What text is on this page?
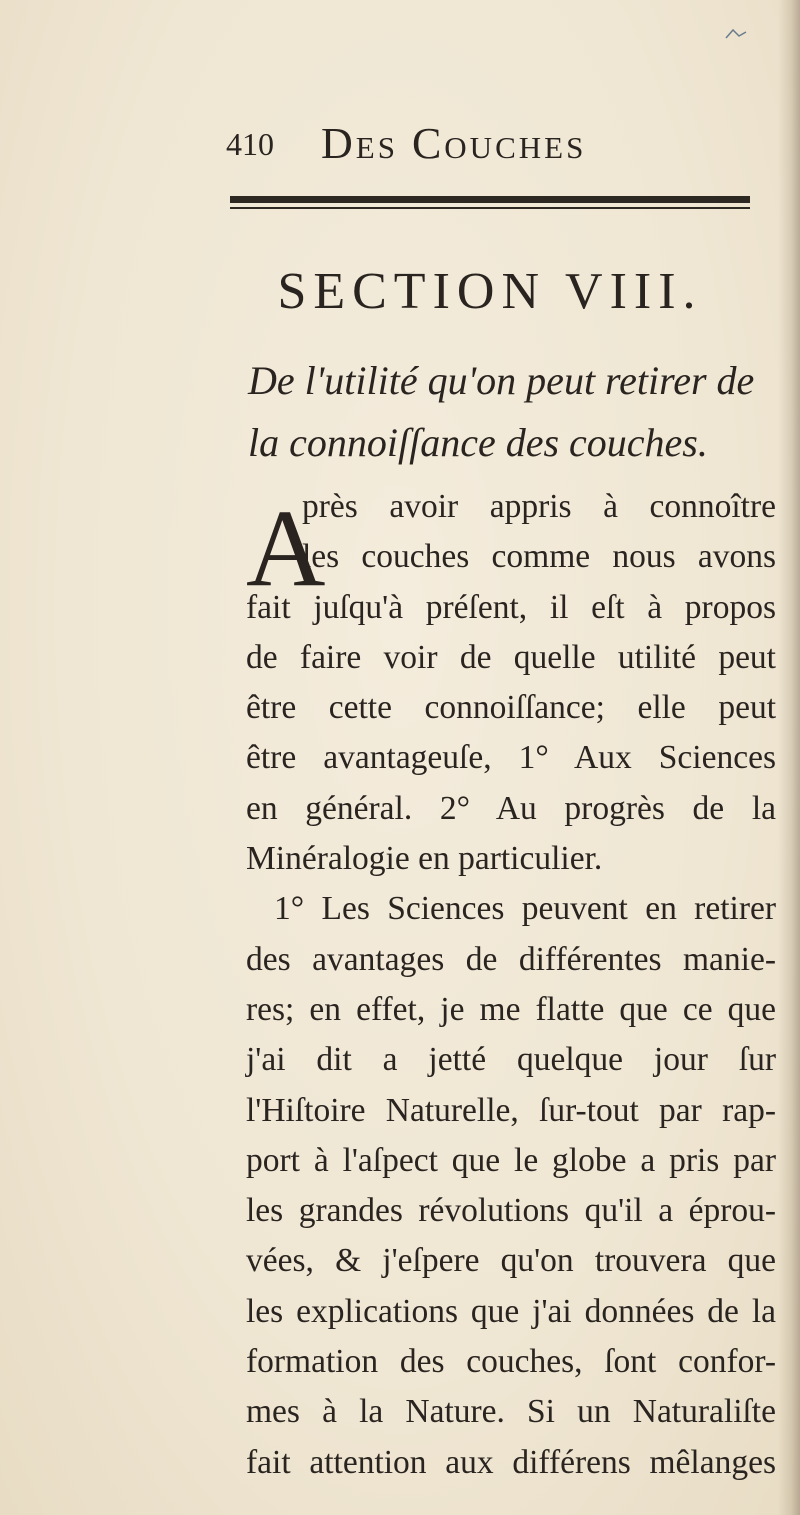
410 Des Couches
SECTION VIII.
De l'utilité qu'on peut retirer de
la connoiſſance des couches.
A
près avoir appris à connoître
les couches comme nous avons
fait juſqu'à préſent, il eſt à propos
de faire voir de quelle utilité peut
être cette connoiſſance; elle peut
être avantageuſe, 1° Aux Sciences
en général. 2° Au progrès de la
Minéralogie en particulier.
1° Les Sciences peuvent en retirer
des avantages de différentes manie-
res; en effet, je me flatte que ce que
j'ai dit a jetté quelque jour ſur
l'Hiſtoire Naturelle, ſur-tout par rap-
port à l'aſpect que le globe a pris par
les grandes révolutions qu'il a éprou-
vées, & j'eſpere qu'on trouvera que
les explications que j'ai données de la
formation des couches, ſont confor-
mes à la Nature. Si un Naturaliſte
fait attention aux différens mêlanges
